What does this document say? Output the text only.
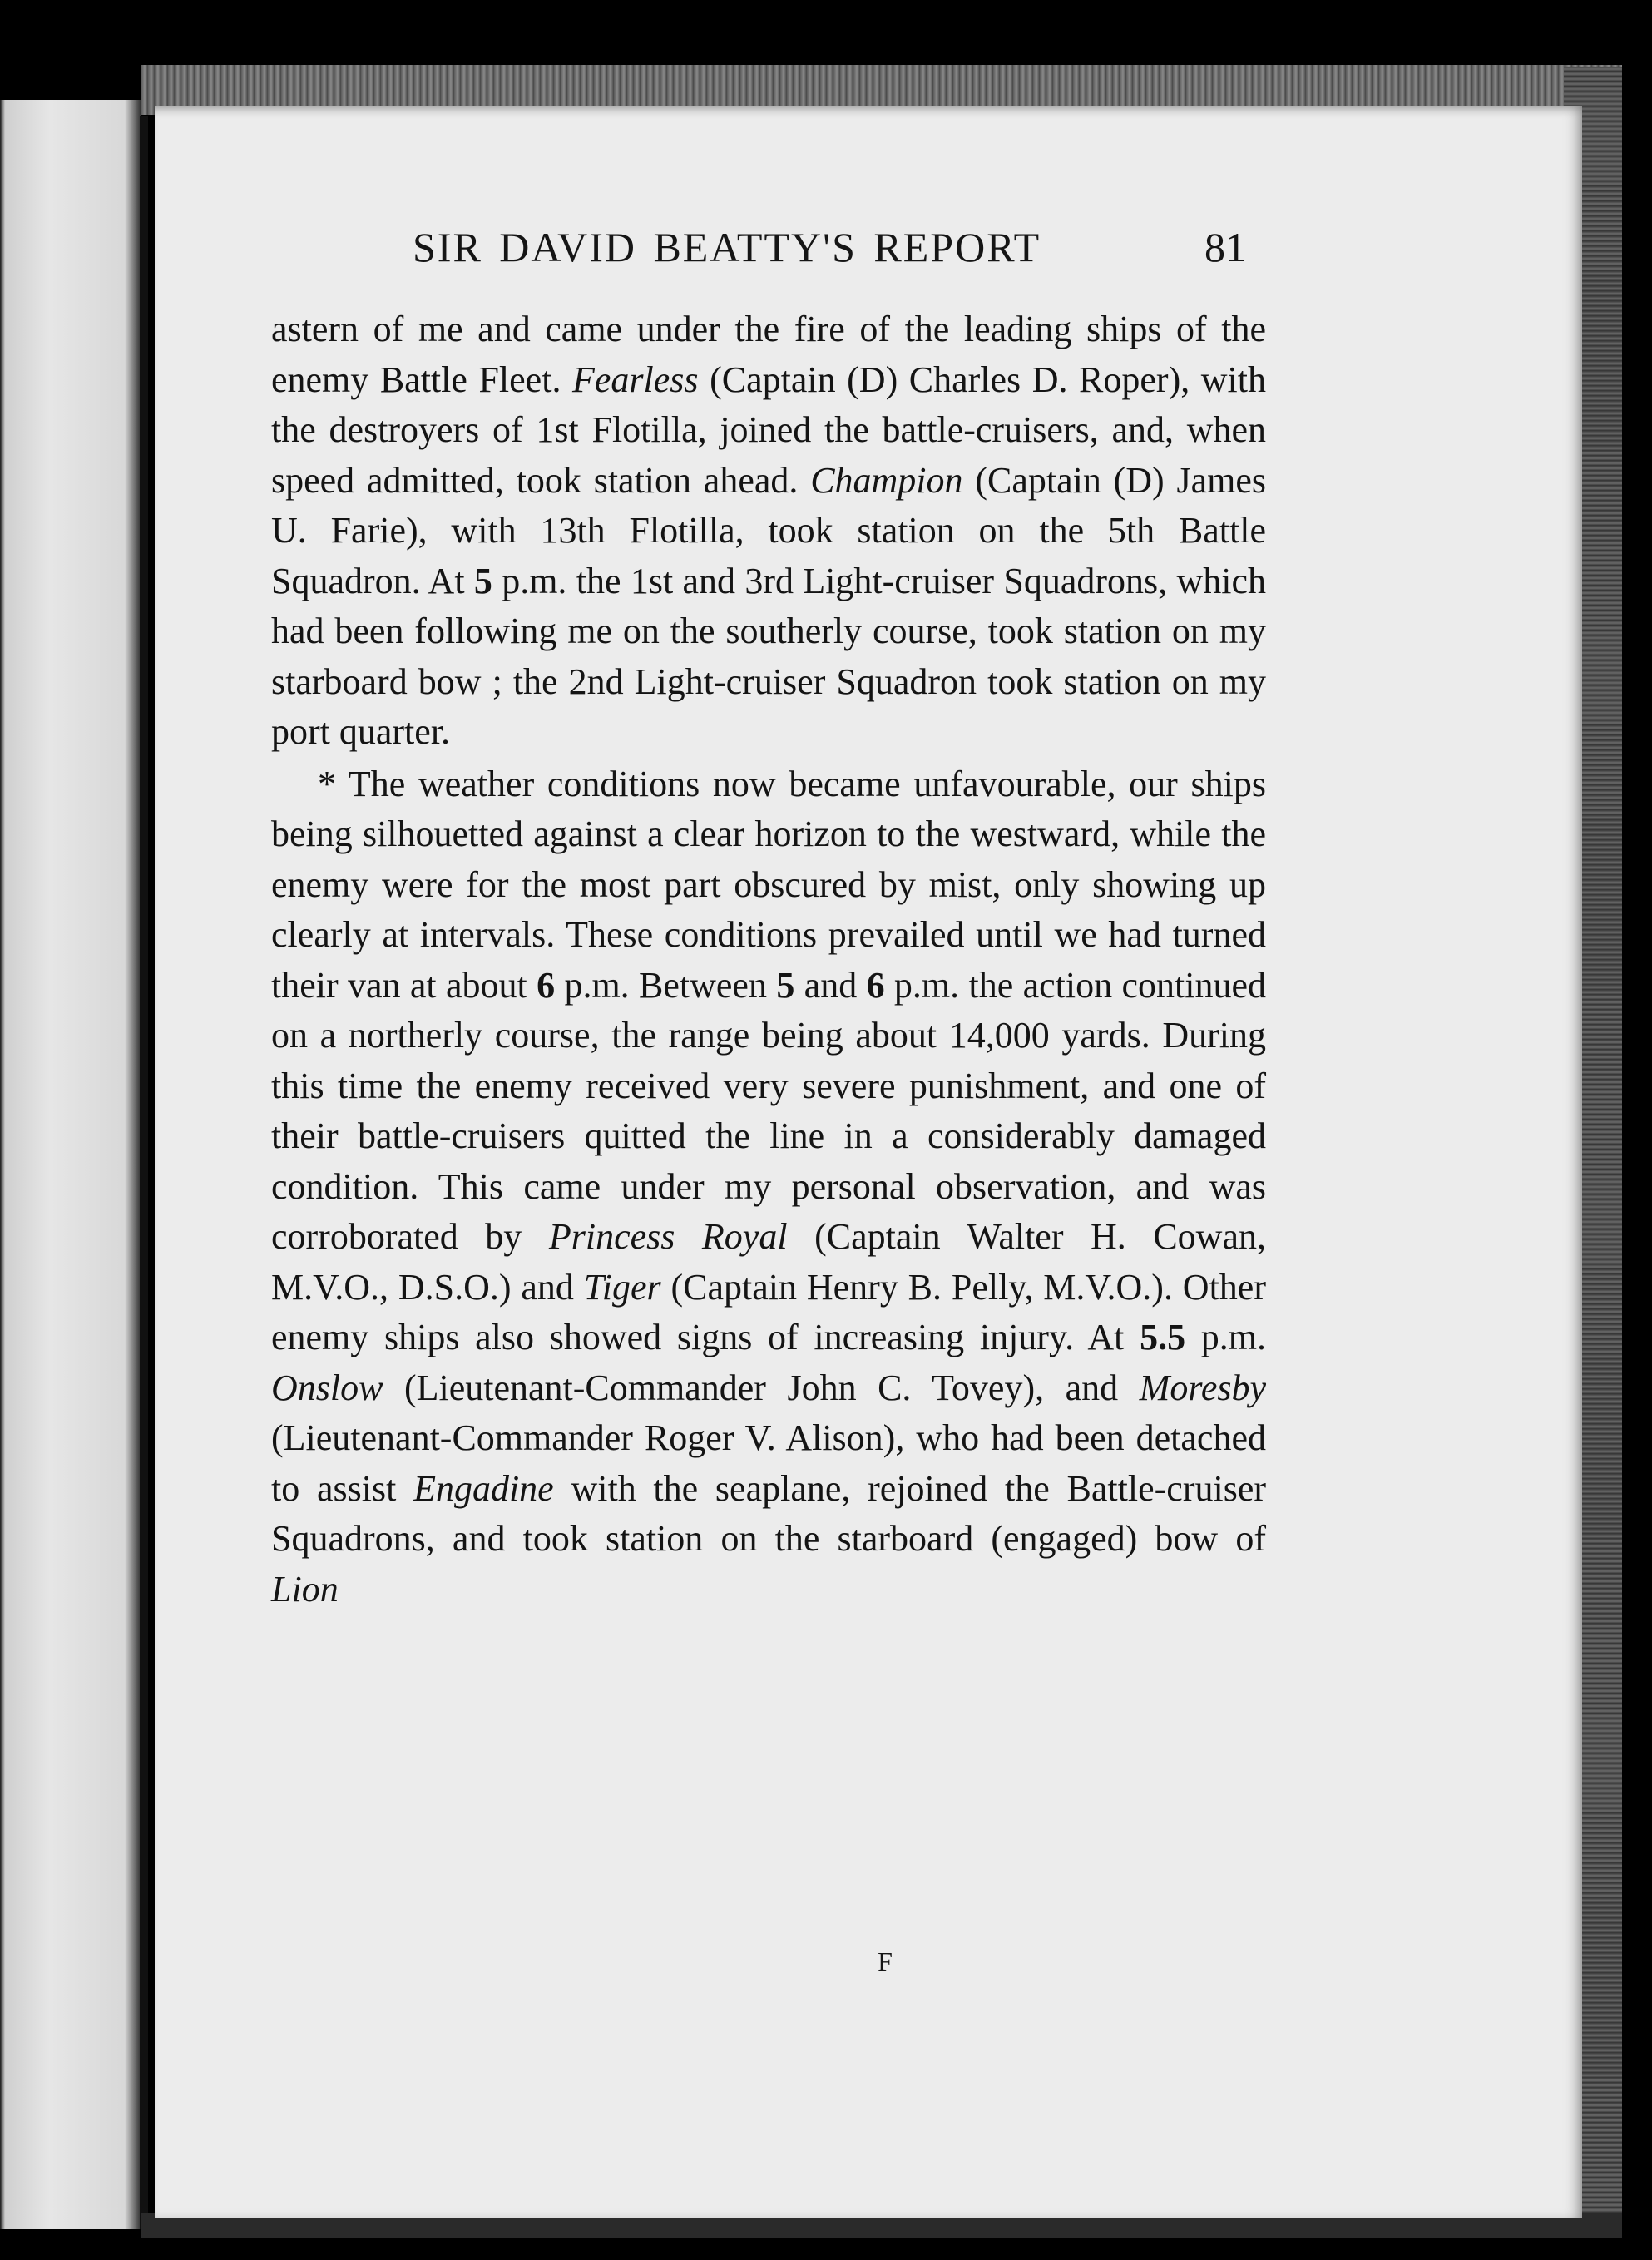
SIR DAVID BEATTY'S REPORT	81

astern of me and came under the fire of the leading ships of the enemy Battle Fleet. Fearless (Captain (D) Charles D. Roper), with the destroyers of 1st Flotilla, joined the battle-cruisers, and, when speed admitted, took station ahead. Champion (Captain (D) James U. Farie), with 13th Flotilla, took station on the 5th Battle Squadron. At 5 p.m. the 1st and 3rd Light-cruiser Squadrons, which had been following me on the southerly course, took station on my starboard bow ; the 2nd Light-cruiser Squadron took station on my port quarter.

* The weather conditions now became unfavourable, our ships being silhouetted against a clear horizon to the westward, while the enemy were for the most part obscured by mist, only showing up clearly at intervals. These conditions prevailed until we had turned their van at about 6 p.m. Between 5 and 6 p.m. the action continued on a northerly course, the range being about 14,000 yards. During this time the enemy received very severe punishment, and one of their battle-cruisers quitted the line in a considerably damaged condition. This came under my personal observation, and was corroborated by Princess Royal (Captain Walter H. Cowan, M.V.O., D.S.O.) and Tiger (Captain Henry B. Pelly, M.V.O.). Other enemy ships also showed signs of increasing injury. At 5.5 p.m. Onslow (Lieutenant-Commander John C. Tovey), and Moresby (Lieutenant-Commander Roger V. Alison), who had been detached to assist Engadine with the seaplane, rejoined the Battle-cruiser Squadrons, and took station on the starboard (engaged) bow of Lion

F
